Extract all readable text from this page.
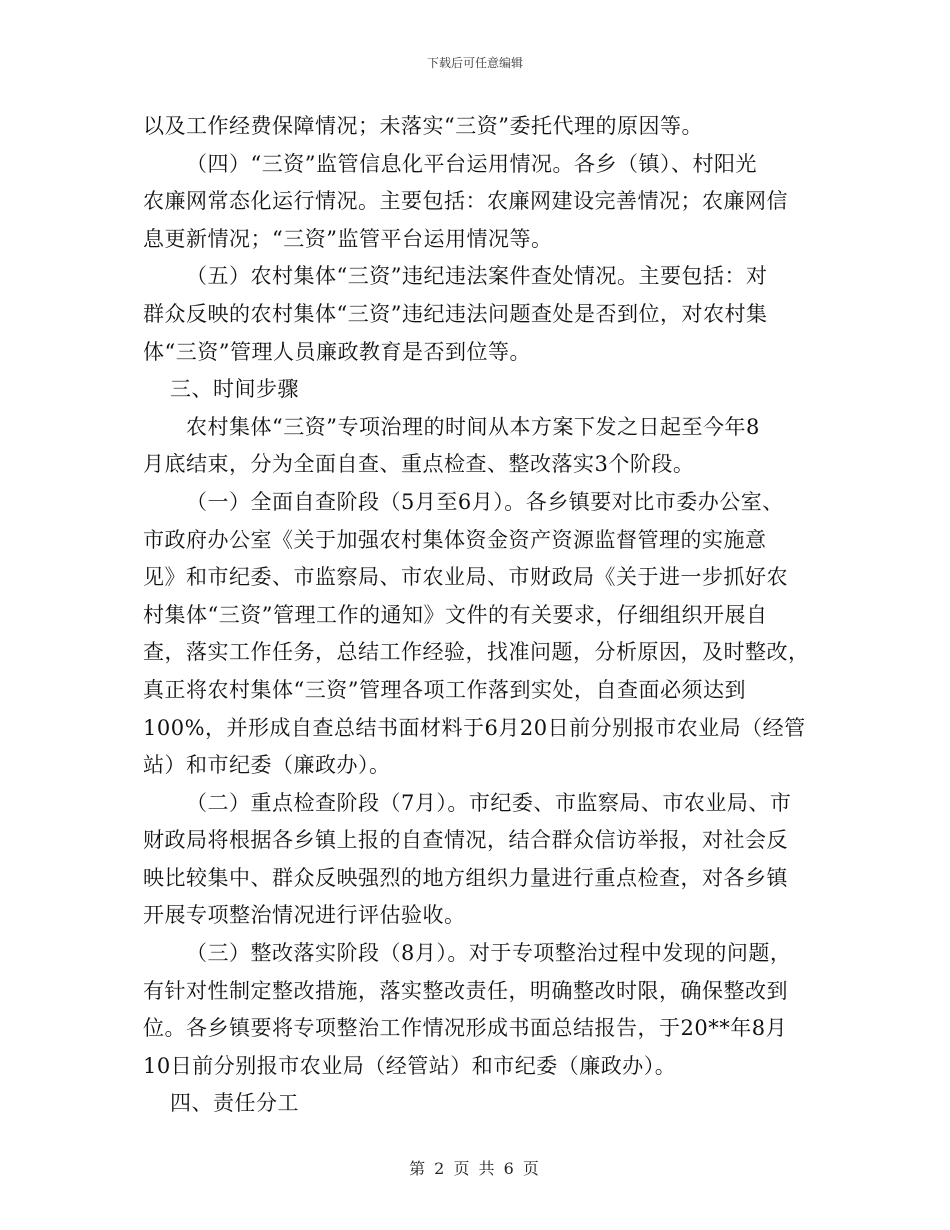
下载后可任意编辑
以及工作经费保障情况；未落实“三资”委托代理的原因等。
（四）“三资”监管信息化平台运用情况。各乡（镇）、村阳光
农廉网常态化运行情况。主要包括：农廉网建设完善情况；农廉网信
息更新情况；“三资”监管平台运用情况等。
（五）农村集体“三资”违纪违法案件查处情况。主要包括：对
群众反映的农村集体“三资”违纪违法问题查处是否到位，对农村集
体“三资”管理人员廉政教育是否到位等。
三、时间步骤
农村集体“三资”专项治理的时间从本方案下发之日起至今年8
月底结束，分为全面自查、重点检查、整改落实3个阶段。
（一）全面自查阶段（5月至6月）。各乡镇要对比市委办公室、
市政府办公室《关于加强农村集体资金资产资源监督管理的实施意
见》和市纪委、市监察局、市农业局、市财政局《关于进一步抓好农
村集体“三资”管理工作的通知》文件的有关要求，仔细组织开展自
查，落实工作任务，总结工作经验，找准问题，分析原因，及时整改，
真正将农村集体“三资”管理各项工作落到实处，自查面必须达到
100%，并形成自查总结书面材料于6月20日前分别报市农业局（经管
站）和市纪委（廉政办）。
（二）重点检查阶段（7月）。市纪委、市监察局、市农业局、市
财政局将根据各乡镇上报的自查情况，结合群众信访举报，对社会反
映比较集中、群众反映强烈的地方组织力量进行重点检查，对各乡镇
开展专项整治情况进行评估验收。
（三）整改落实阶段（8月）。对于专项整治过程中发现的问题，
有针对性制定整改措施，落实整改责任，明确整改时限，确保整改到
位。各乡镇要将专项整治工作情况形成书面总结报告，于20**年8月
10日前分别报市农业局（经管站）和市纪委（廉政办）。
四、责任分工
第 2 页 共 6 页
